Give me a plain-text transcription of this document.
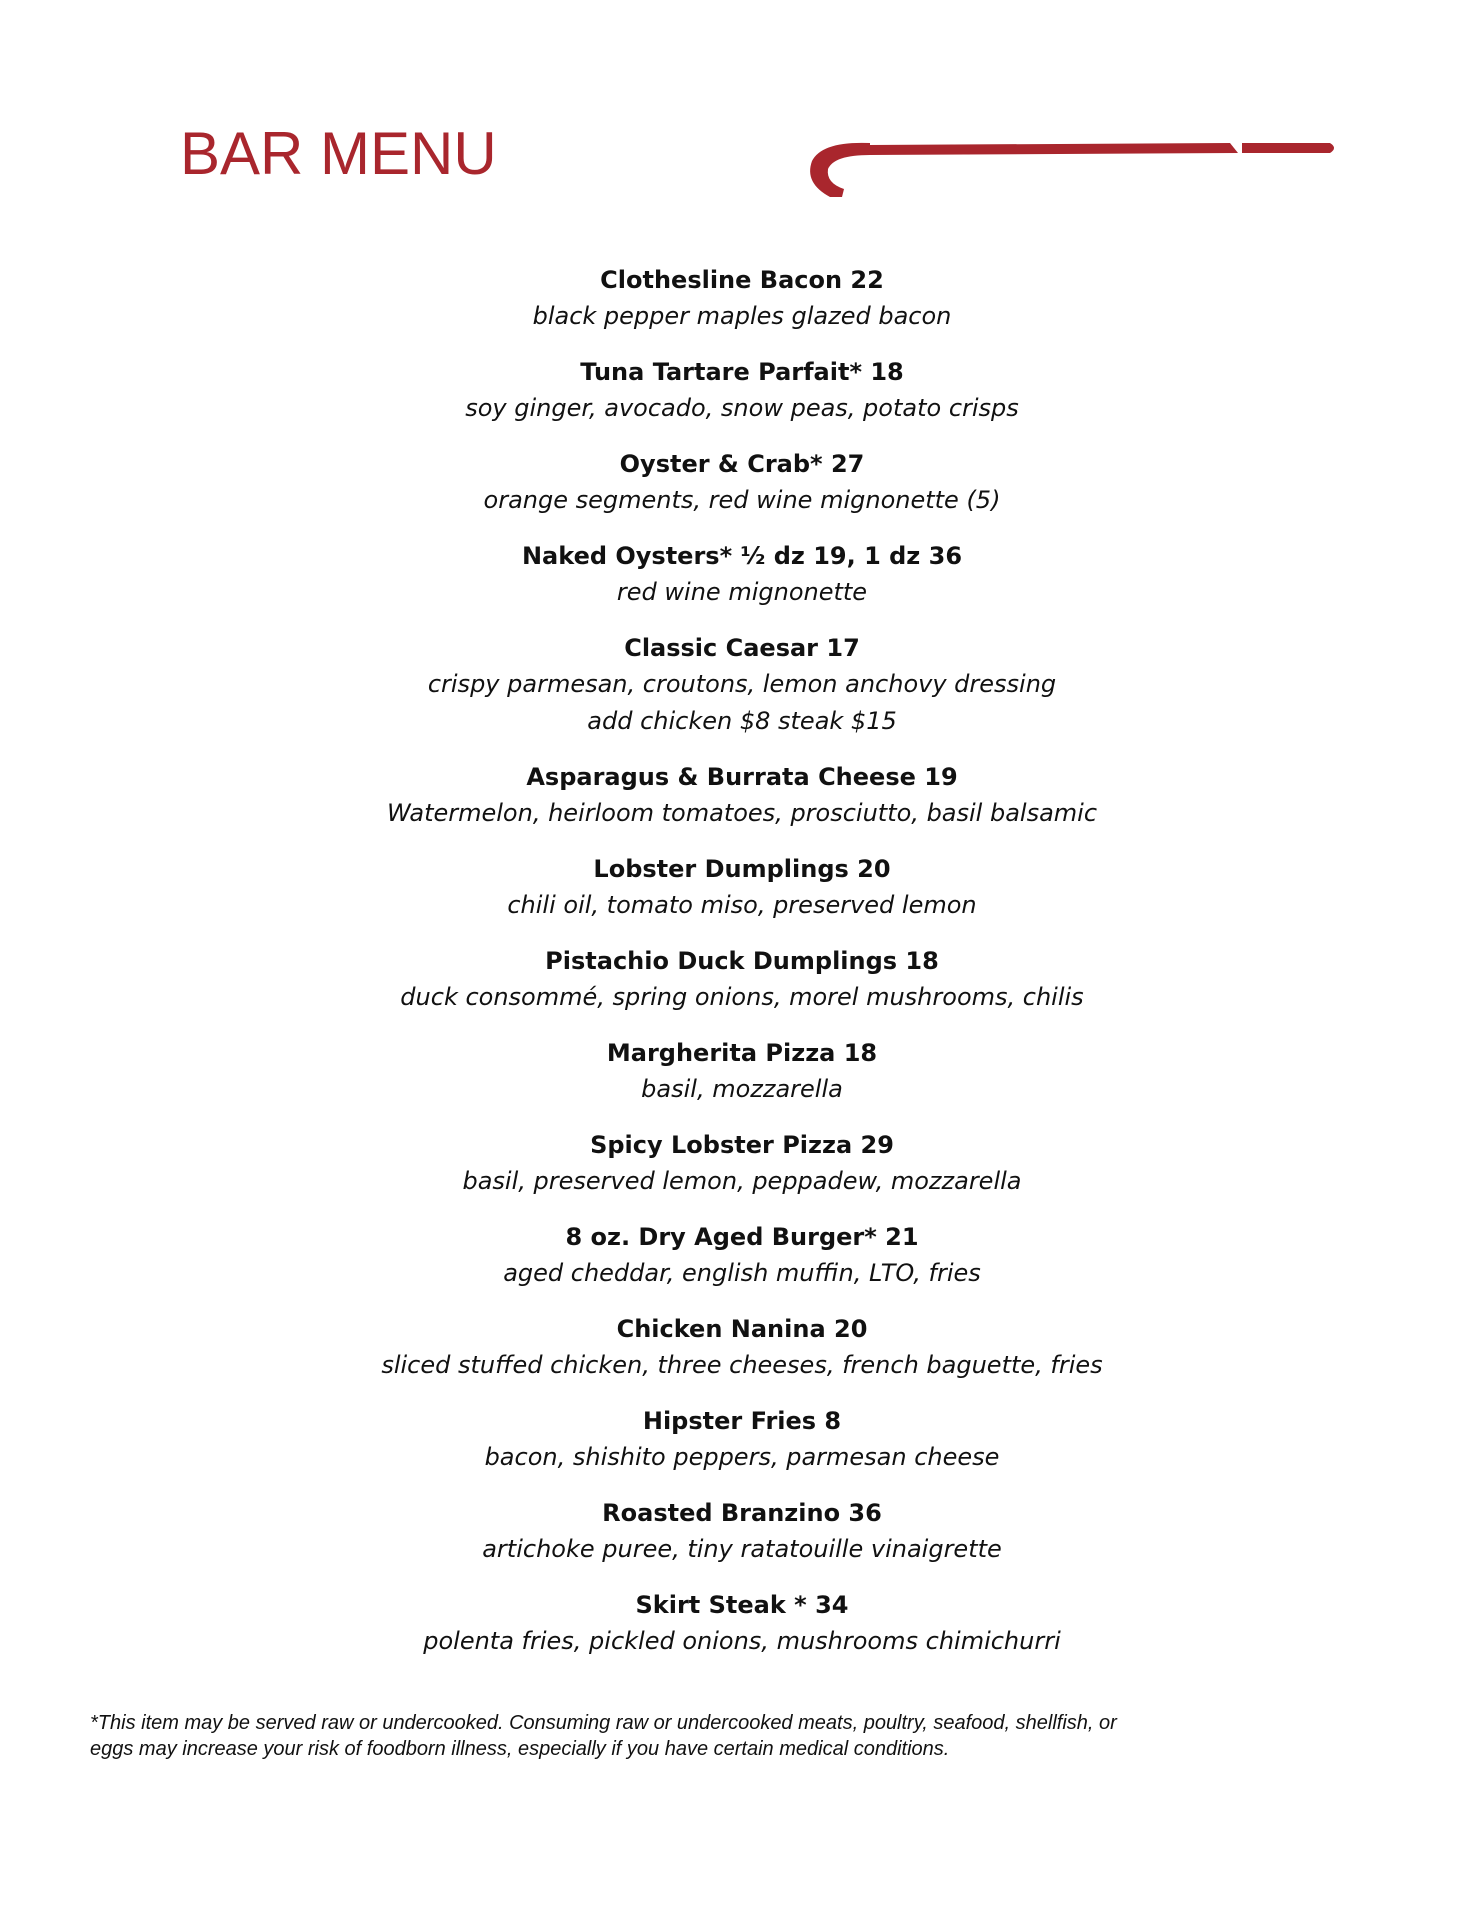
BAR MENU
Clothesline Bacon 22
black pepper maples glazed bacon
Tuna Tartare Parfait* 18
soy ginger, avocado, snow peas, potato crisps
Oyster & Crab* 27
orange segments, red wine mignonette (5)
Naked Oysters* ½ dz 19, 1 dz 36
red wine mignonette
Classic Caesar 17
crispy parmesan, croutons, lemon anchovy dressing
add chicken $8 steak $15
Asparagus & Burrata Cheese 19
Watermelon, heirloom tomatoes, prosciutto, basil balsamic
Lobster Dumplings 20
chili oil, tomato miso, preserved lemon
Pistachio Duck Dumplings 18
duck consommé, spring onions, morel mushrooms, chilis
Margherita Pizza 18
basil, mozzarella
Spicy Lobster Pizza 29
basil, preserved lemon, peppadew, mozzarella
8 oz. Dry Aged Burger* 21
aged cheddar, english muffin, LTO, fries
Chicken Nanina 20
sliced stuffed chicken, three cheeses, french baguette, fries
Hipster Fries 8
bacon, shishito peppers, parmesan cheese
Roasted Branzino 36
artichoke puree, tiny ratatouille vinaigrette
Skirt Steak * 34
polenta fries, pickled onions, mushrooms chimichurri
*This item may be served raw or undercooked. Consuming raw or undercooked meats, poultry, seafood, shellfish, or eggs may increase your risk of foodborn illness, especially if you have certain medical conditions.
